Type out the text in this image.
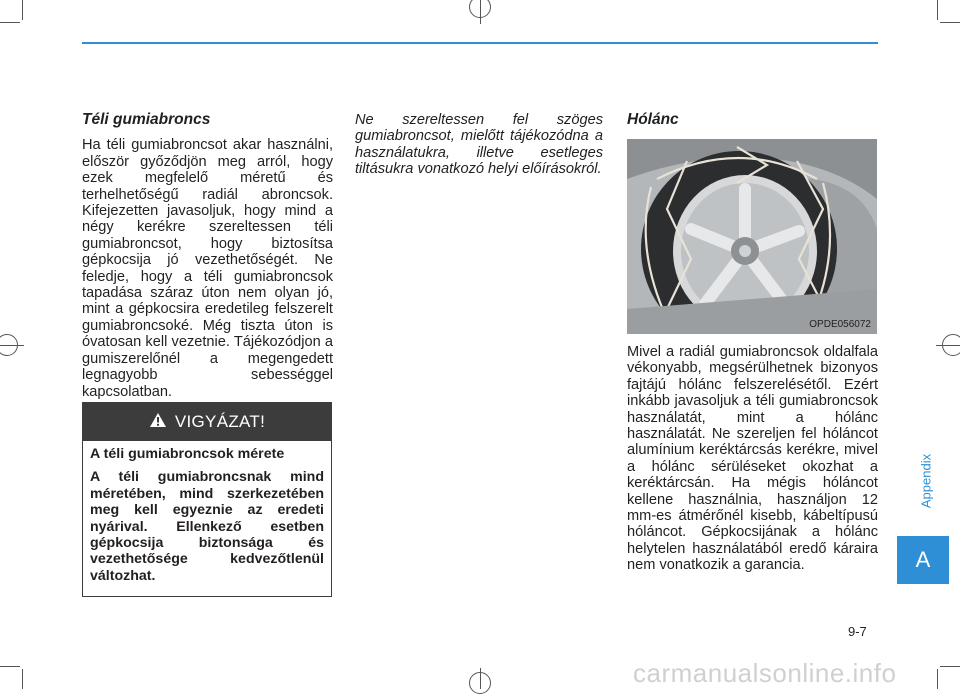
Téli gumiabroncs

Ha téli gumiabroncsot akar használni, először győződjön meg arról, hogy ezek megfelelő méretű és terhelhetőségű radiál abroncsok. Kifejezetten javasoljuk, hogy mind a négy kerékre szereltessen téli gumiabroncsot, hogy biztosítsa gépkocsija jó vezethetőségét. Ne feledje, hogy a téli gumiabroncsok tapadása száraz úton nem olyan jó, mint a gépkocsira eredetileg felszerelt gumiabroncsoké. Még tiszta úton is óvatosan kell vezetnie. Tájékozódjon a gumiszerelőnél a megengedett legnagyobb sebességgel kapcsolatban.

VIGYÁZAT!

A téli gumiabroncsok mérete

A téli gumiabroncsnak mind méretében, mind szerkezetében meg kell egyeznie az eredeti nyárival. Ellenkező esetben gépkocsija biztonsága és vezethetősége kedvezőtlenül változhat.

Ne szereltessen fel szöges gumiabroncsot, mielőtt tájékozódna a használatukra, illetve esetleges tiltásukra vonatkozó helyi előírásokról.

Hólánc
OPDE056072

Mivel a radiál gumiabroncsok oldalfala vékonyabb, megsérülhetnek bizonyos fajtájú hólánc felszerelésétől. Ezért inkább javasoljuk a téli gumiabroncsok használatát, mint a hólánc használatát. Ne szereljen fel hóláncot alumínium keréktárcsás kerékre, mivel a hólánc sérüléseket okozhat a keréktárcsán. Ha mégis hóláncot kellene használnia, használjon 12 mm-es átmérőnél kisebb, kábeltípusú hóláncot. Gépkocsijának a hólánc helytelen használatából eredő káraira nem vonatkozik a garancia.

Appendix
A
9-7
carmanualsonline.info
